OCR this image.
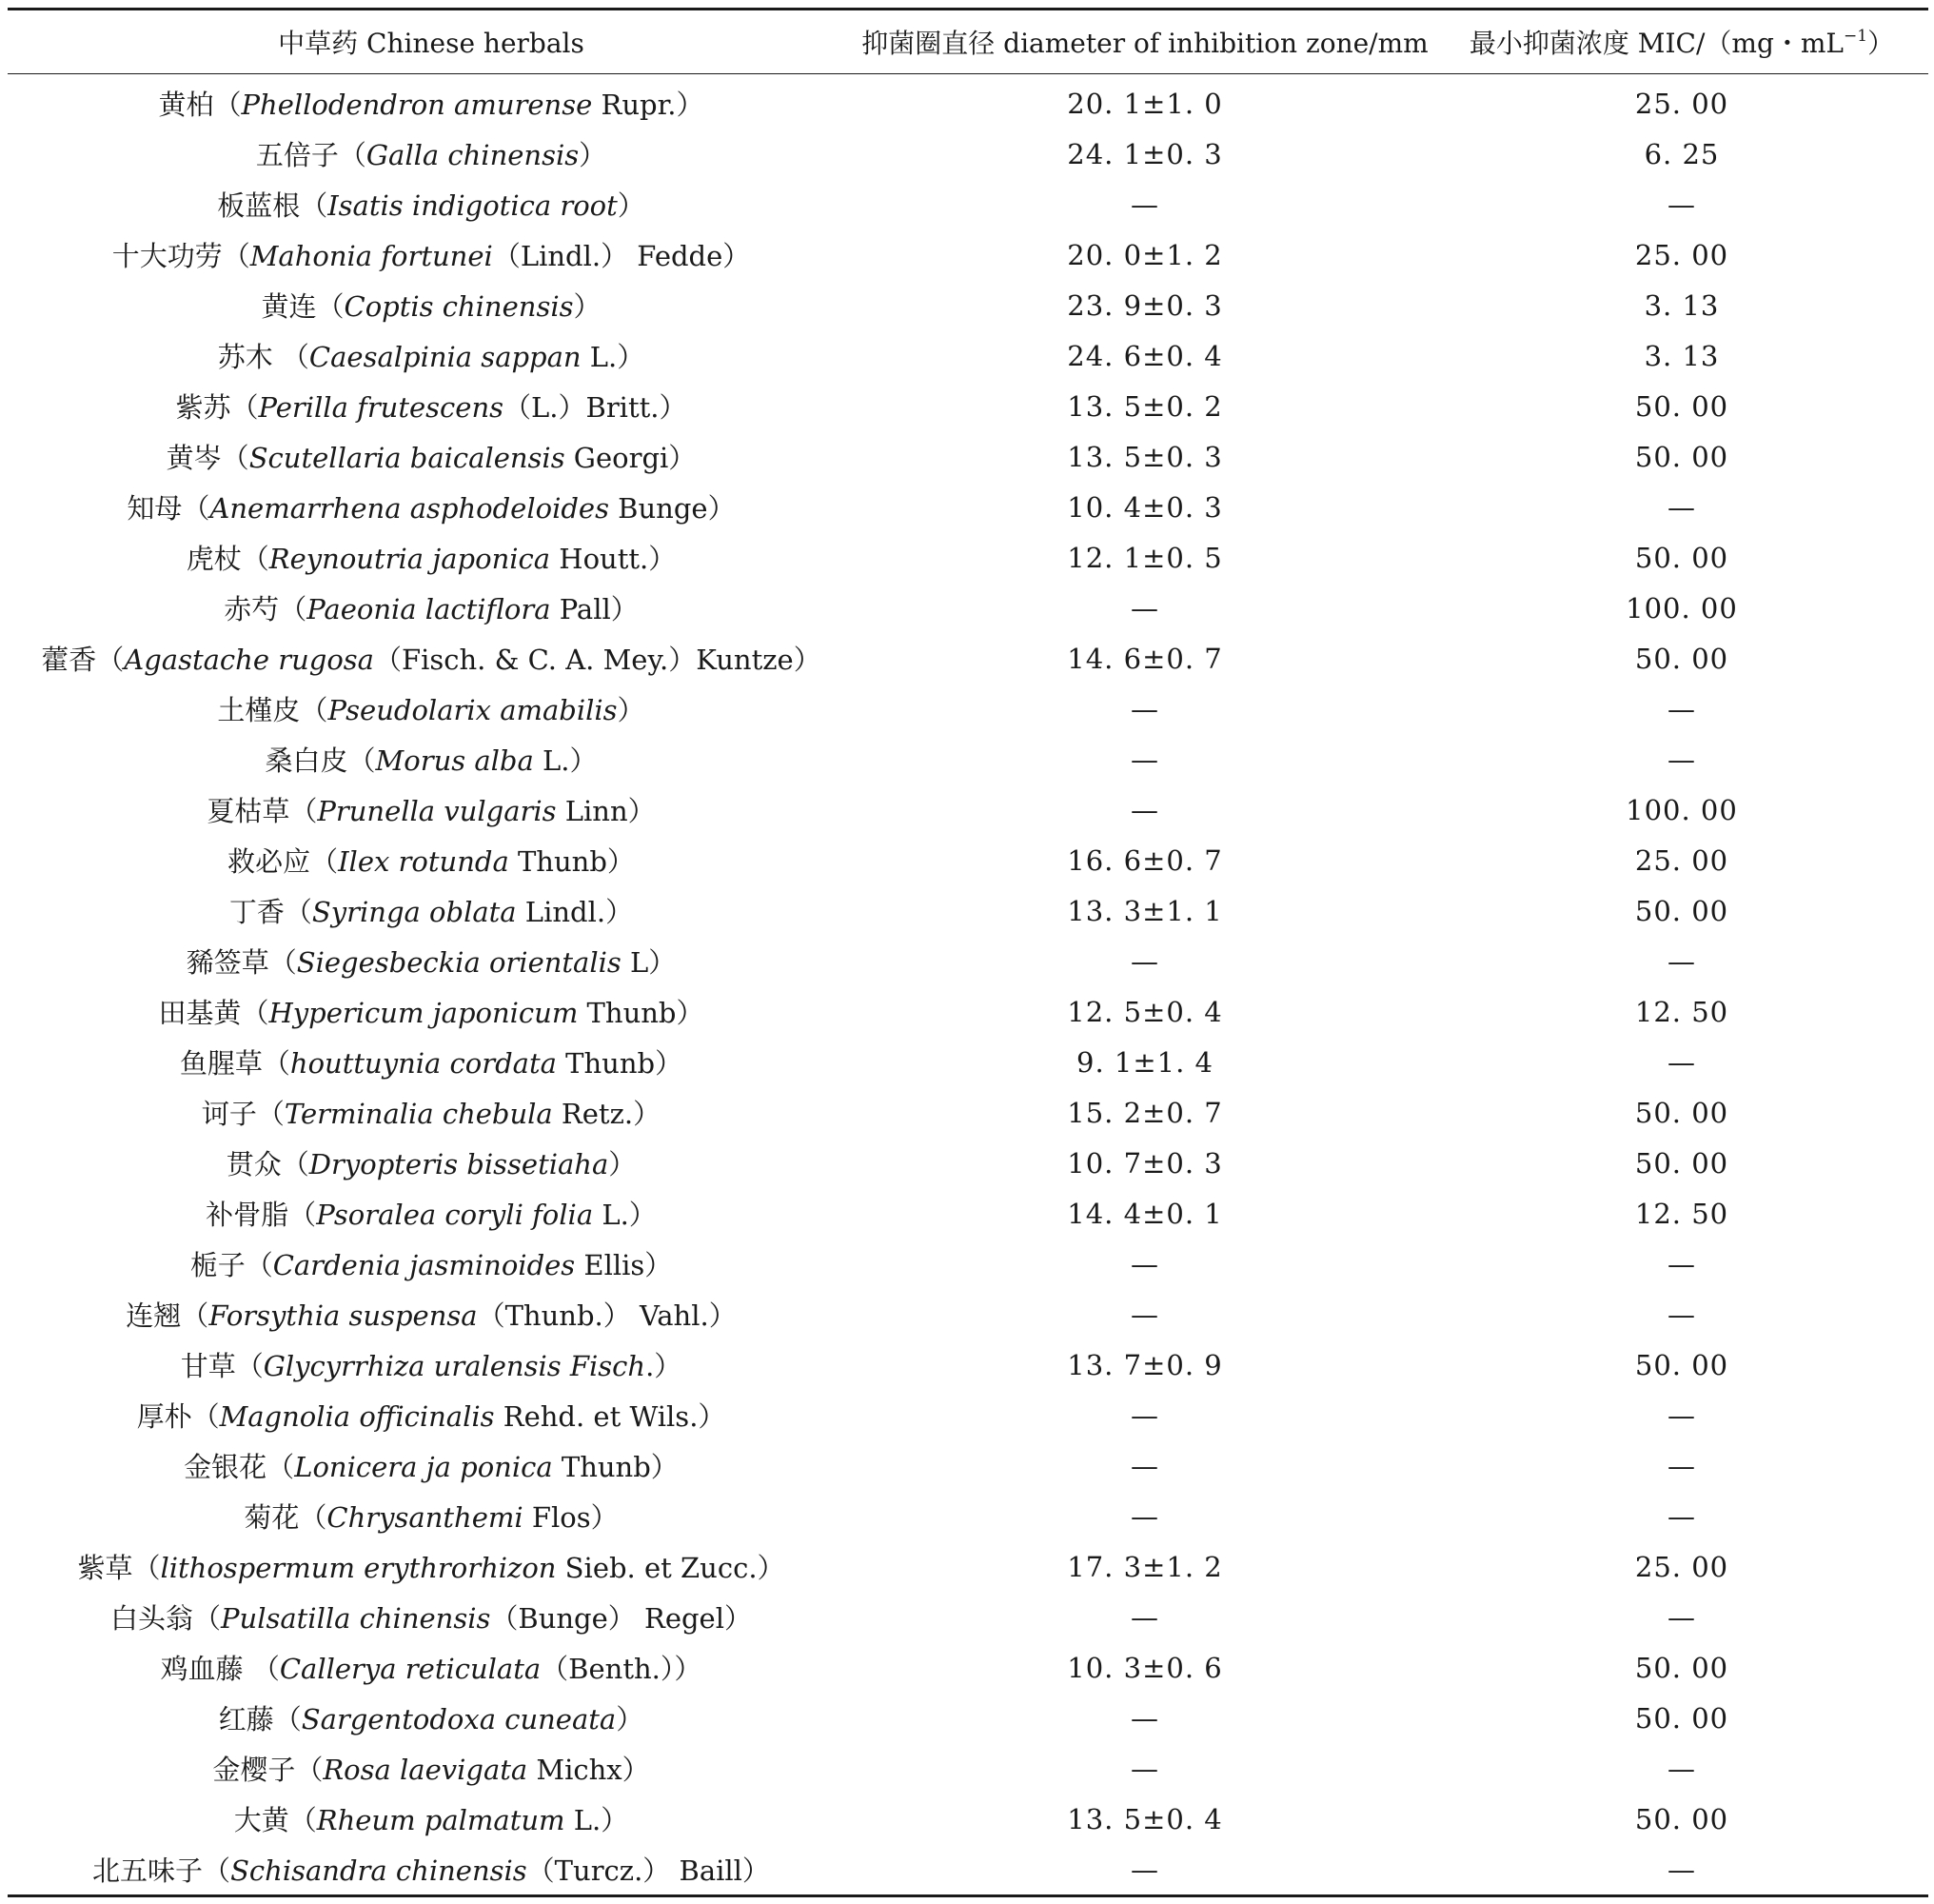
中草药 Chinese herbals	抑菌圈直径 diameter of inhibition zone/mm	最小抑菌浓度 MIC/（mg・$mL^{-1}$）
黄柏（Phellodendron amurense Rupr.）	20. 1±1. 0	25. 00
五倍子（Galla chinensis）	24. 1±0. 3	6. 25
板蓝根（Isatis indigotica root）	—	—
十大功劳（Mahonia fortunei（Lindl.） Fedde）	20. 0±1. 2	25. 00
黄连（Coptis chinensis）	23. 9±0. 3	3. 13
苏木 （Caesalpinia sappan L.）	24. 6±0. 4	3. 13
紫苏（Perilla frutescens（L.）Britt.）	13. 5±0. 2	50. 00
黄岑（Scutellaria baicalensis Georgi）	13. 5±0. 3	50. 00
知母（Anemarrhena asphodeloides Bunge）	10. 4±0. 3	—
虎杖（Reynoutria japonica Houtt.）	12. 1±0. 5	50. 00
赤芍（Paeonia lactiflora Pall）	—	100. 00
藿香（Agastache rugosa（Fisch. & C. A. Mey.）Kuntze）	14. 6±0. 7	50. 00
土槿皮（Pseudolarix amabilis）	—	—
桑白皮（Morus alba L.）	—	—
夏枯草（Prunella vulgaris Linn）	—	100. 00
救必应（Ilex rotunda Thunb）	16. 6±0. 7	25. 00
丁香（Syringa oblata Lindl.）	13. 3±1. 1	50. 00
豨签草（Siegesbeckia orientalis L）	—	—
田基黄（Hypericum japonicum Thunb）	12. 5±0. 4	12. 50
鱼腥草（houttuynia cordata Thunb）	9. 1±1. 4	—
诃子（Terminalia chebula Retz.）	15. 2±0. 7	50. 00
贯众（Dryopteris bissetiaha）	10. 7±0. 3	50. 00
补骨脂（Psoralea coryli folia L.）	14. 4±0. 1	12. 50
栀子（Cardenia jasminoides Ellis）	—	—
连翘（Forsythia suspensa（Thunb.） Vahl.）	—	—
甘草（Glycyrrhiza uralensis Fisch.）	13. 7±0. 9	50. 00
厚朴（Magnolia officinalis Rehd. et Wils.）	—	—
金银花（Lonicera ja ponica Thunb）	—	—
菊花（Chrysanthemi Flos）	—	—
紫草（lithospermum erythrorhizon Sieb. et Zucc.）	17. 3±1. 2	25. 00
白头翁（Pulsatilla chinensis（Bunge） Regel）	—	—
鸡血藤 （Callerya reticulata（Benth.））	10. 3±0. 6	50. 00
红藤（Sargentodoxa cuneata）	—	50. 00
金樱子（Rosa laevigata Michx）	—	—
大黄（Rheum palmatum L.）	13. 5±0. 4	50. 00
北五味子（Schisandra chinensis（Turcz.） Baill）	—	—
